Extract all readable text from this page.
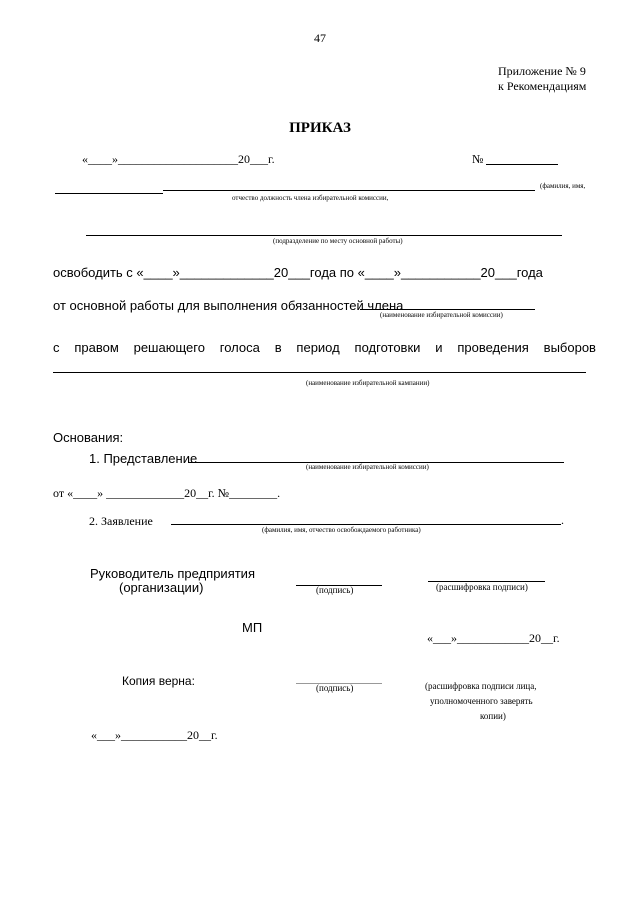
47
Приложение № 9
к Рекомендациям
ПРИКАЗ
«____»____________________20___г.	№
(фамилия, имя,
отчество должность члена избирательной комиссии,
(подразделение по месту основной работы)
освободить с «____»_____________20___года по «____»___________20___года
от основной работы для выполнения обязанностей члена
(наименование избирательной комиссии)
с правом решающего голоса в период подготовки и проведения выборов
(наименование избирательной кампании)
Основания:
1. Представление
(наименование избирательной комиссии)
от «____» _____________20__г. №________.
2. Заявление	.
(фамилия, имя, отчество освобождаемого работника)
Руководитель предприятия
(организации)	(подпись)	(расшифровка подписи)
МП
«___»____________20__г.
Копия верна:	(подпись)	(расшифровка подписи лица,
уполномоченного заверять
копии)
«___»___________20__г.
